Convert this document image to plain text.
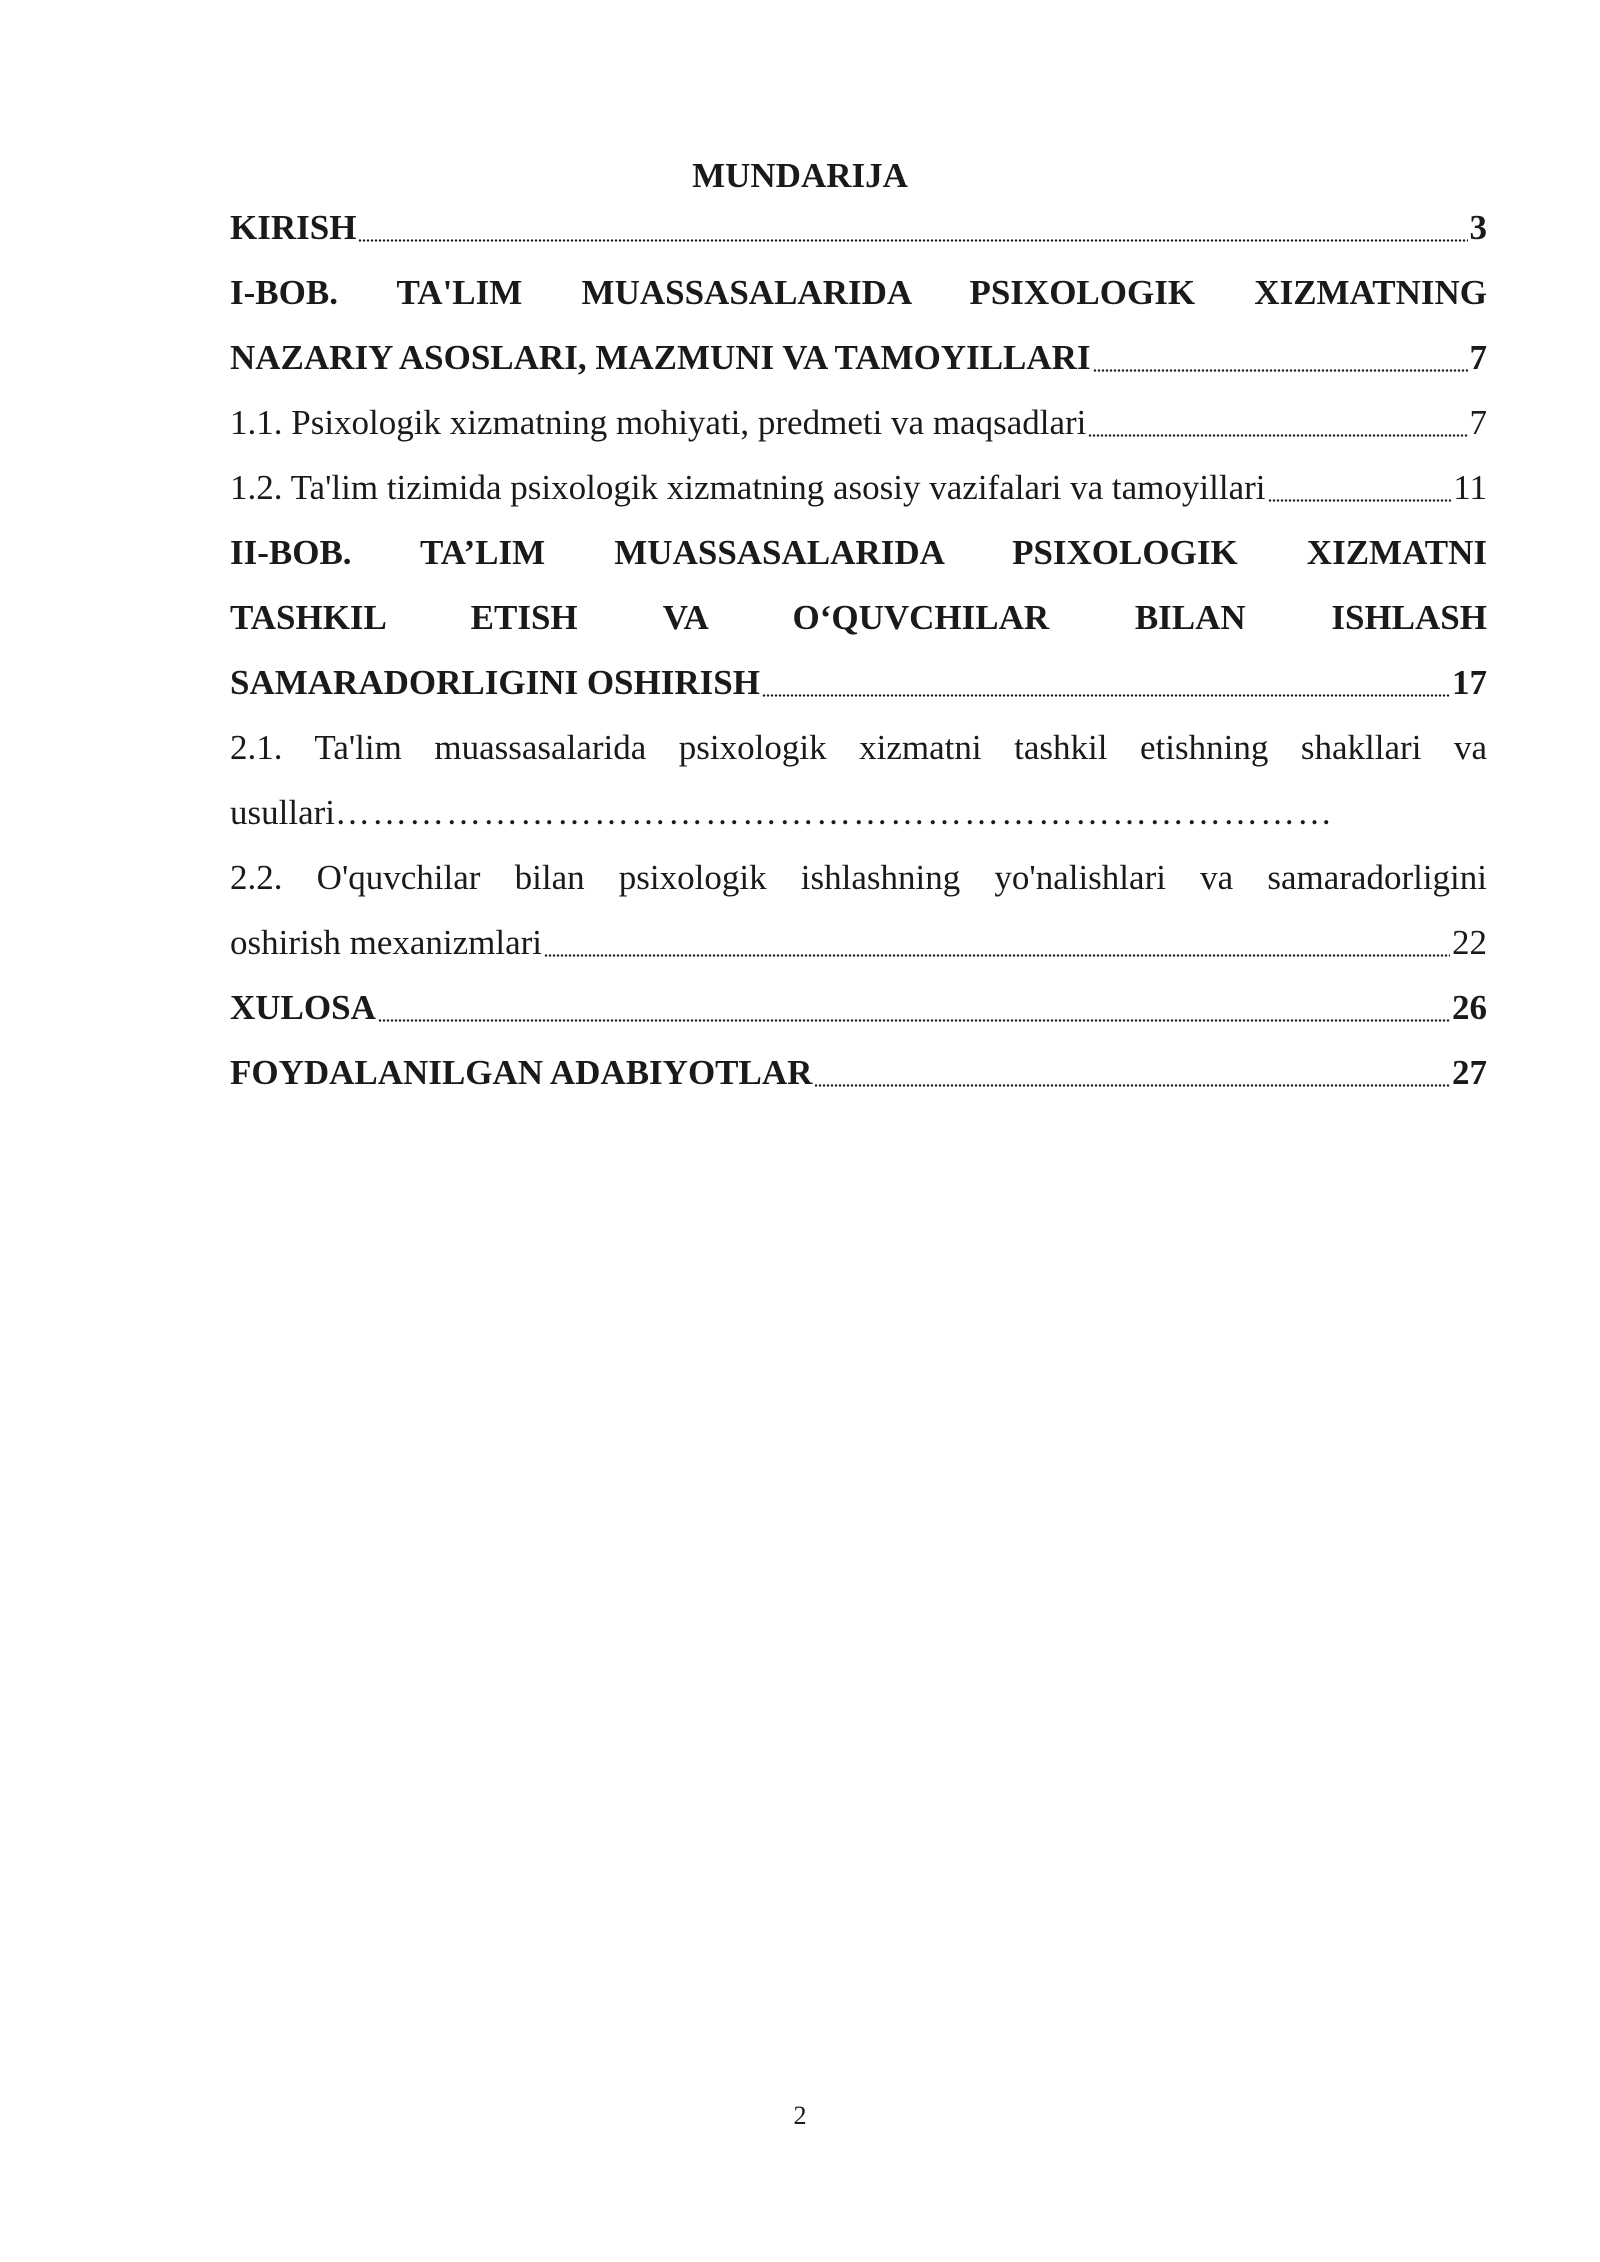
MUNDARIJA
KIRISH	3
I-BOB. TA'LIM MUASSASALARIDA PSIXOLOGIK XIZMATNING
NAZARIY ASOSLARI, MAZMUNI VA TAMOYILLARI	7
1.1. Psixologik xizmatning mohiyati, predmeti va maqsadlari	7
1.2. Ta'lim tizimida psixologik xizmatning asosiy vazifalari va tamoyillari	11
II-BOB. TA’LIM MUASSASALARIDA PSIXOLOGIK XIZMATNI
TASHKIL ETISH VA O‘QUVCHILAR BILAN ISHLASH
SAMARADORLIGINI OSHIRISH	17
2.1. Ta'lim muassasalarida psixologik xizmatni tashkil etishning shakllari va
usullari………………………………………………………………………
2.2. O'quvchilar bilan psixologik ishlashning yo'nalishlari va samaradorligini
oshirish mexanizmlari	22
XULOSA	26
FOYDALANILGAN ADABIYOTLAR	27
2
